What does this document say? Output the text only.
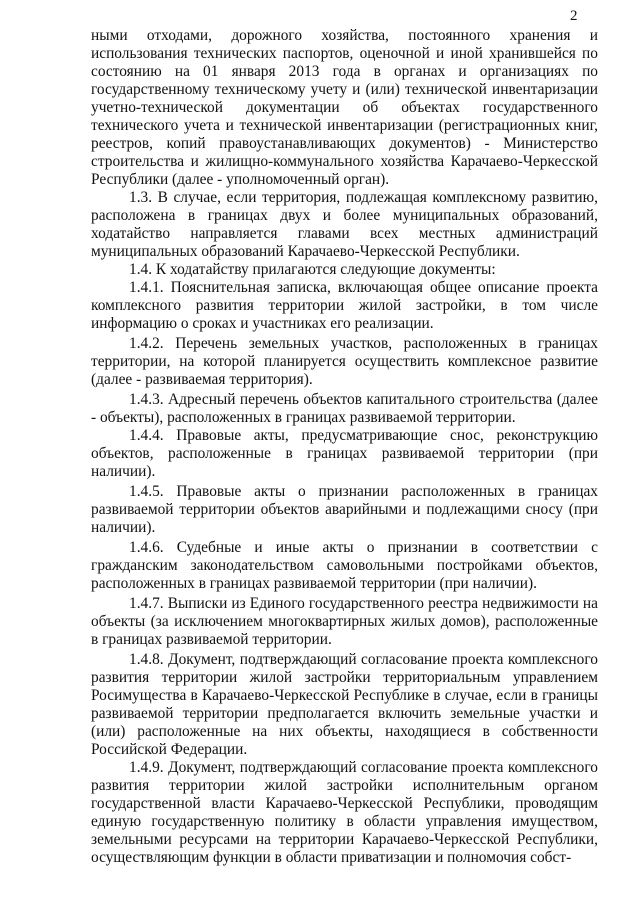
2

ными отходами, дорожного хозяйства, постоянного хранения и использования технических паспортов, оценочной и иной хранившейся по состоянию на 01 января 2013 года в органах и организациях по государственному техническому учету и (или) технической инвентаризации учетно-технической документации об объектах государственного технического учета и технической инвентаризации (регистрационных книг, реестров, копий правоустанавливающих документов) - Министерство строительства и жилищно-коммунального хозяйства Карачаево-Черкесской Республики (далее - уполномоченный орган).

1.3. В случае, если территория, подлежащая комплексному развитию, расположена в границах двух и более муниципальных образований, ходатайство направляется главами всех местных администраций муниципальных образований Карачаево-Черкесской Республики.

1.4. К ходатайству прилагаются следующие документы:

1.4.1. Пояснительная записка, включающая общее описание проекта комплексного развития территории жилой застройки, в том числе информацию о сроках и участниках его реализации.

1.4.2. Перечень земельных участков, расположенных в границах территории, на которой планируется осуществить комплексное развитие (далее - развиваемая территория).

1.4.3. Адресный перечень объектов капитального строительства (далее - объекты), расположенных в границах развиваемой территории.

1.4.4. Правовые акты, предусматривающие снос, реконструкцию объектов, расположенные в границах развиваемой территории (при наличии).

1.4.5. Правовые акты о признании расположенных в границах развиваемой территории объектов аварийными и подлежащими сносу (при наличии).

1.4.6. Судебные и иные акты о признании в соответствии с гражданским законодательством самовольными постройками объектов, расположенных в границах развиваемой территории (при наличии).

1.4.7. Выписки из Единого государственного реестра недвижимости на объекты (за исключением многоквартирных жилых домов), расположенные в границах развиваемой территории.

1.4.8. Документ, подтверждающий согласование проекта комплексного развития территории жилой застройки территориальным управлением Росимущества в Карачаево-Черкесской Республике в случае, если в границы развиваемой территории предполагается включить земельные участки и (или) расположенные на них объекты, находящиеся в собственности Российской Федерации.

1.4.9. Документ, подтверждающий согласование проекта комплексного развития территории жилой застройки исполнительным органом государственной власти Карачаево-Черкесской Республики, проводящим единую государственную политику в области управления имуществом, земельными ресурсами на территории Карачаево-Черкесской Республики, осуществляющим функции в области приватизации и полномочия собст-
